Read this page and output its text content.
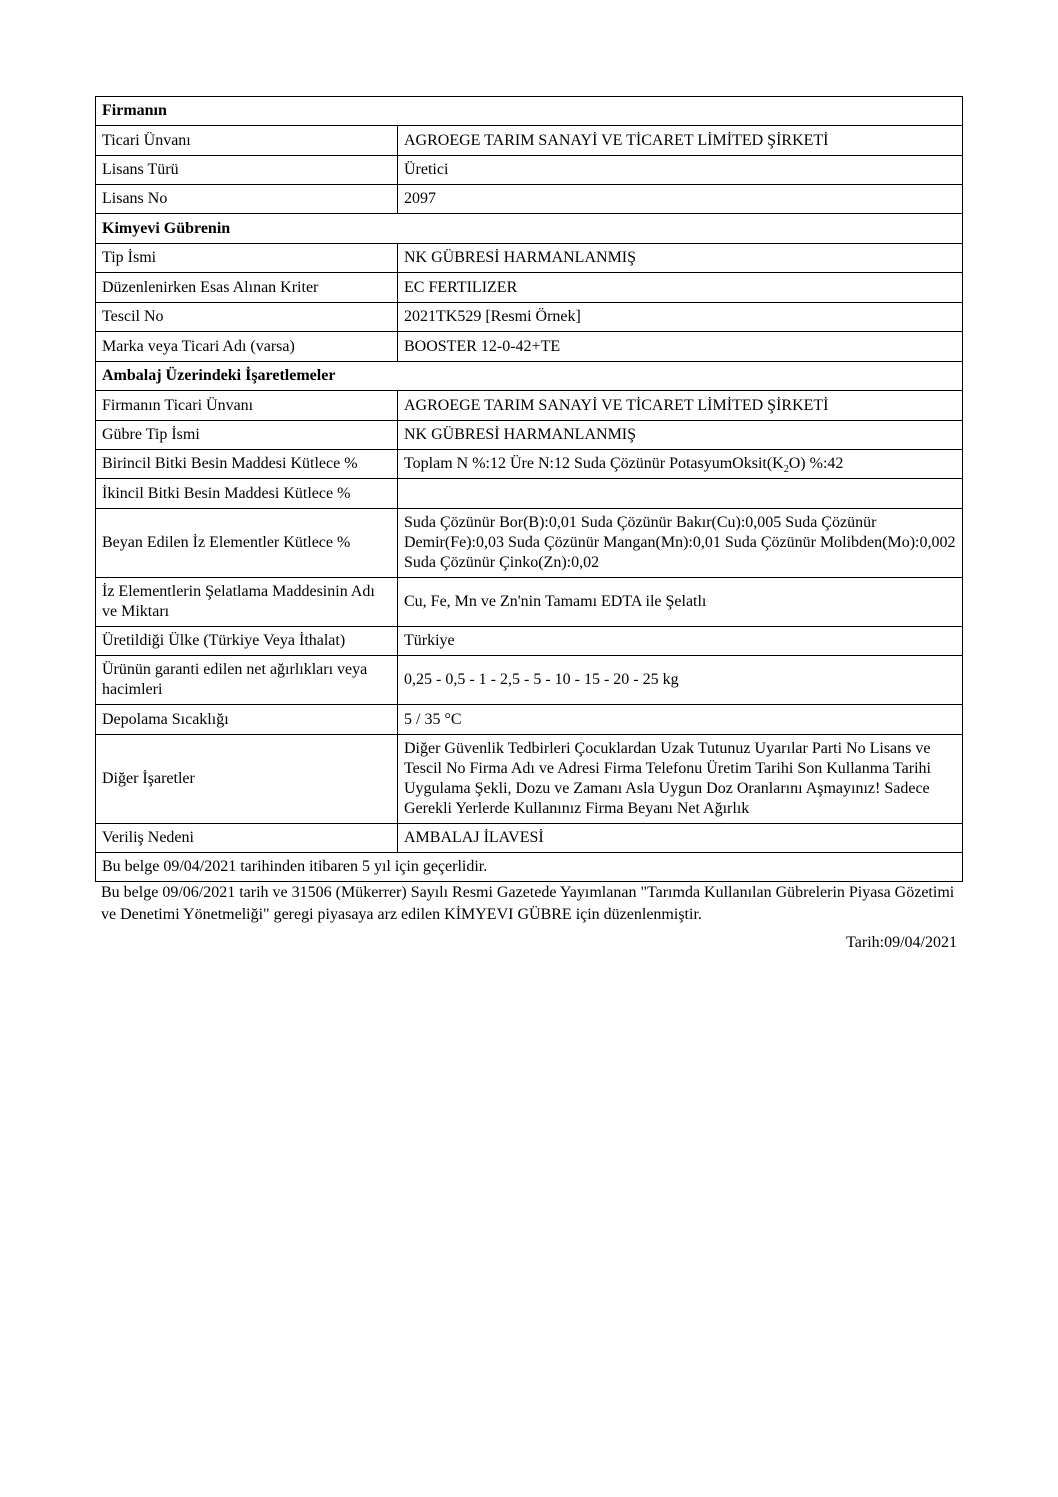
Firmanın	
Ticari Ünvanı	AGROEGE TARIM SANAYİ VE TİCARET LİMİTED ŞİRKETİ
Lisans Türü	Üretici
Lisans No	2097
Kimyevi Gübrenin	
Tip İsmi	NK GÜBRESİ HARMANLANMIŞ
Düzenlenirken Esas Alınan Kriter	EC FERTILIZER
Tescil No	2021TK529 [Resmi Örnek]
Marka veya Ticari Adı (varsa)	BOOSTER 12-0-42+TE
Ambalaj Üzerindeki İşaretlemeler	
Firmanın Ticari Ünvanı	AGROEGE TARIM SANAYİ VE TİCARET LİMİTED ŞİRKETİ
Gübre Tip İsmi	NK GÜBRESİ HARMANLANMIŞ
Birincil Bitki Besin Maddesi Kütlece %	Toplam N %:12 Üre N:12 Suda Çözünür $PotasyumOksit(K_2O)$ %:42
İkincil Bitki Besin Maddesi Kütlece %	
Beyan Edilen İz Elementler Kütlece %	Suda Çözünür Bor(B):0,01 Suda Çözünür Bakır(Cu):0,005 Suda Çözünür Demir(Fe):0,03 Suda Çözünür Mangan(Mn):0,01 Suda Çözünür Molibden(Mo):0,002 Suda Çözünür Çinko(Zn):0,02
İz Elementlerin Şelatlama Maddesinin Adı ve Miktarı	Cu, Fe, Mn ve Zn'nin Tamamı EDTA ile Şelatlı
Üretildiği Ülke (Türkiye Veya İthalat)	Türkiye
Ürünün garanti edilen net ağırlıkları veya hacimleri	0,25 - 0,5 - 1 - 2,5 - 5 - 10 - 15 - 20 - 25 kg
Depolama Sıcaklığı	5 / 35 °C
Diğer İşaretler	Diğer Güvenlik Tedbirleri Çocuklardan Uzak Tutunuz Uyarılar Parti No Lisans ve Tescil No Firma Adı ve Adresi Firma Telefonu Üretim Tarihi Son Kullanma Tarihi Uygulama Şekli, Dozu ve Zamanı Asla Uygun Doz Oranlarını Aşmayınız! Sadece Gerekli Yerlerde Kullanınız Firma Beyanı Net Ağırlık
Veriliş Nedeni	AMBALAJ İLAVESİ
Bu belge 09/04/2021 tarihinden itibaren 5 yıl için geçerlidir.	
Bu belge 09/06/2021 tarih ve 31506 (Mükerrer) Sayılı Resmi Gazetede Yayımlanan "Tarımda Kullanılan Gübrelerin Piyasa Gözetimi ve Denetimi Yönetmeliği" geregi piyasaya arz edilen KİMYEVI GÜBRE için düzenlenmiştir.
Tarih:09/04/2021
